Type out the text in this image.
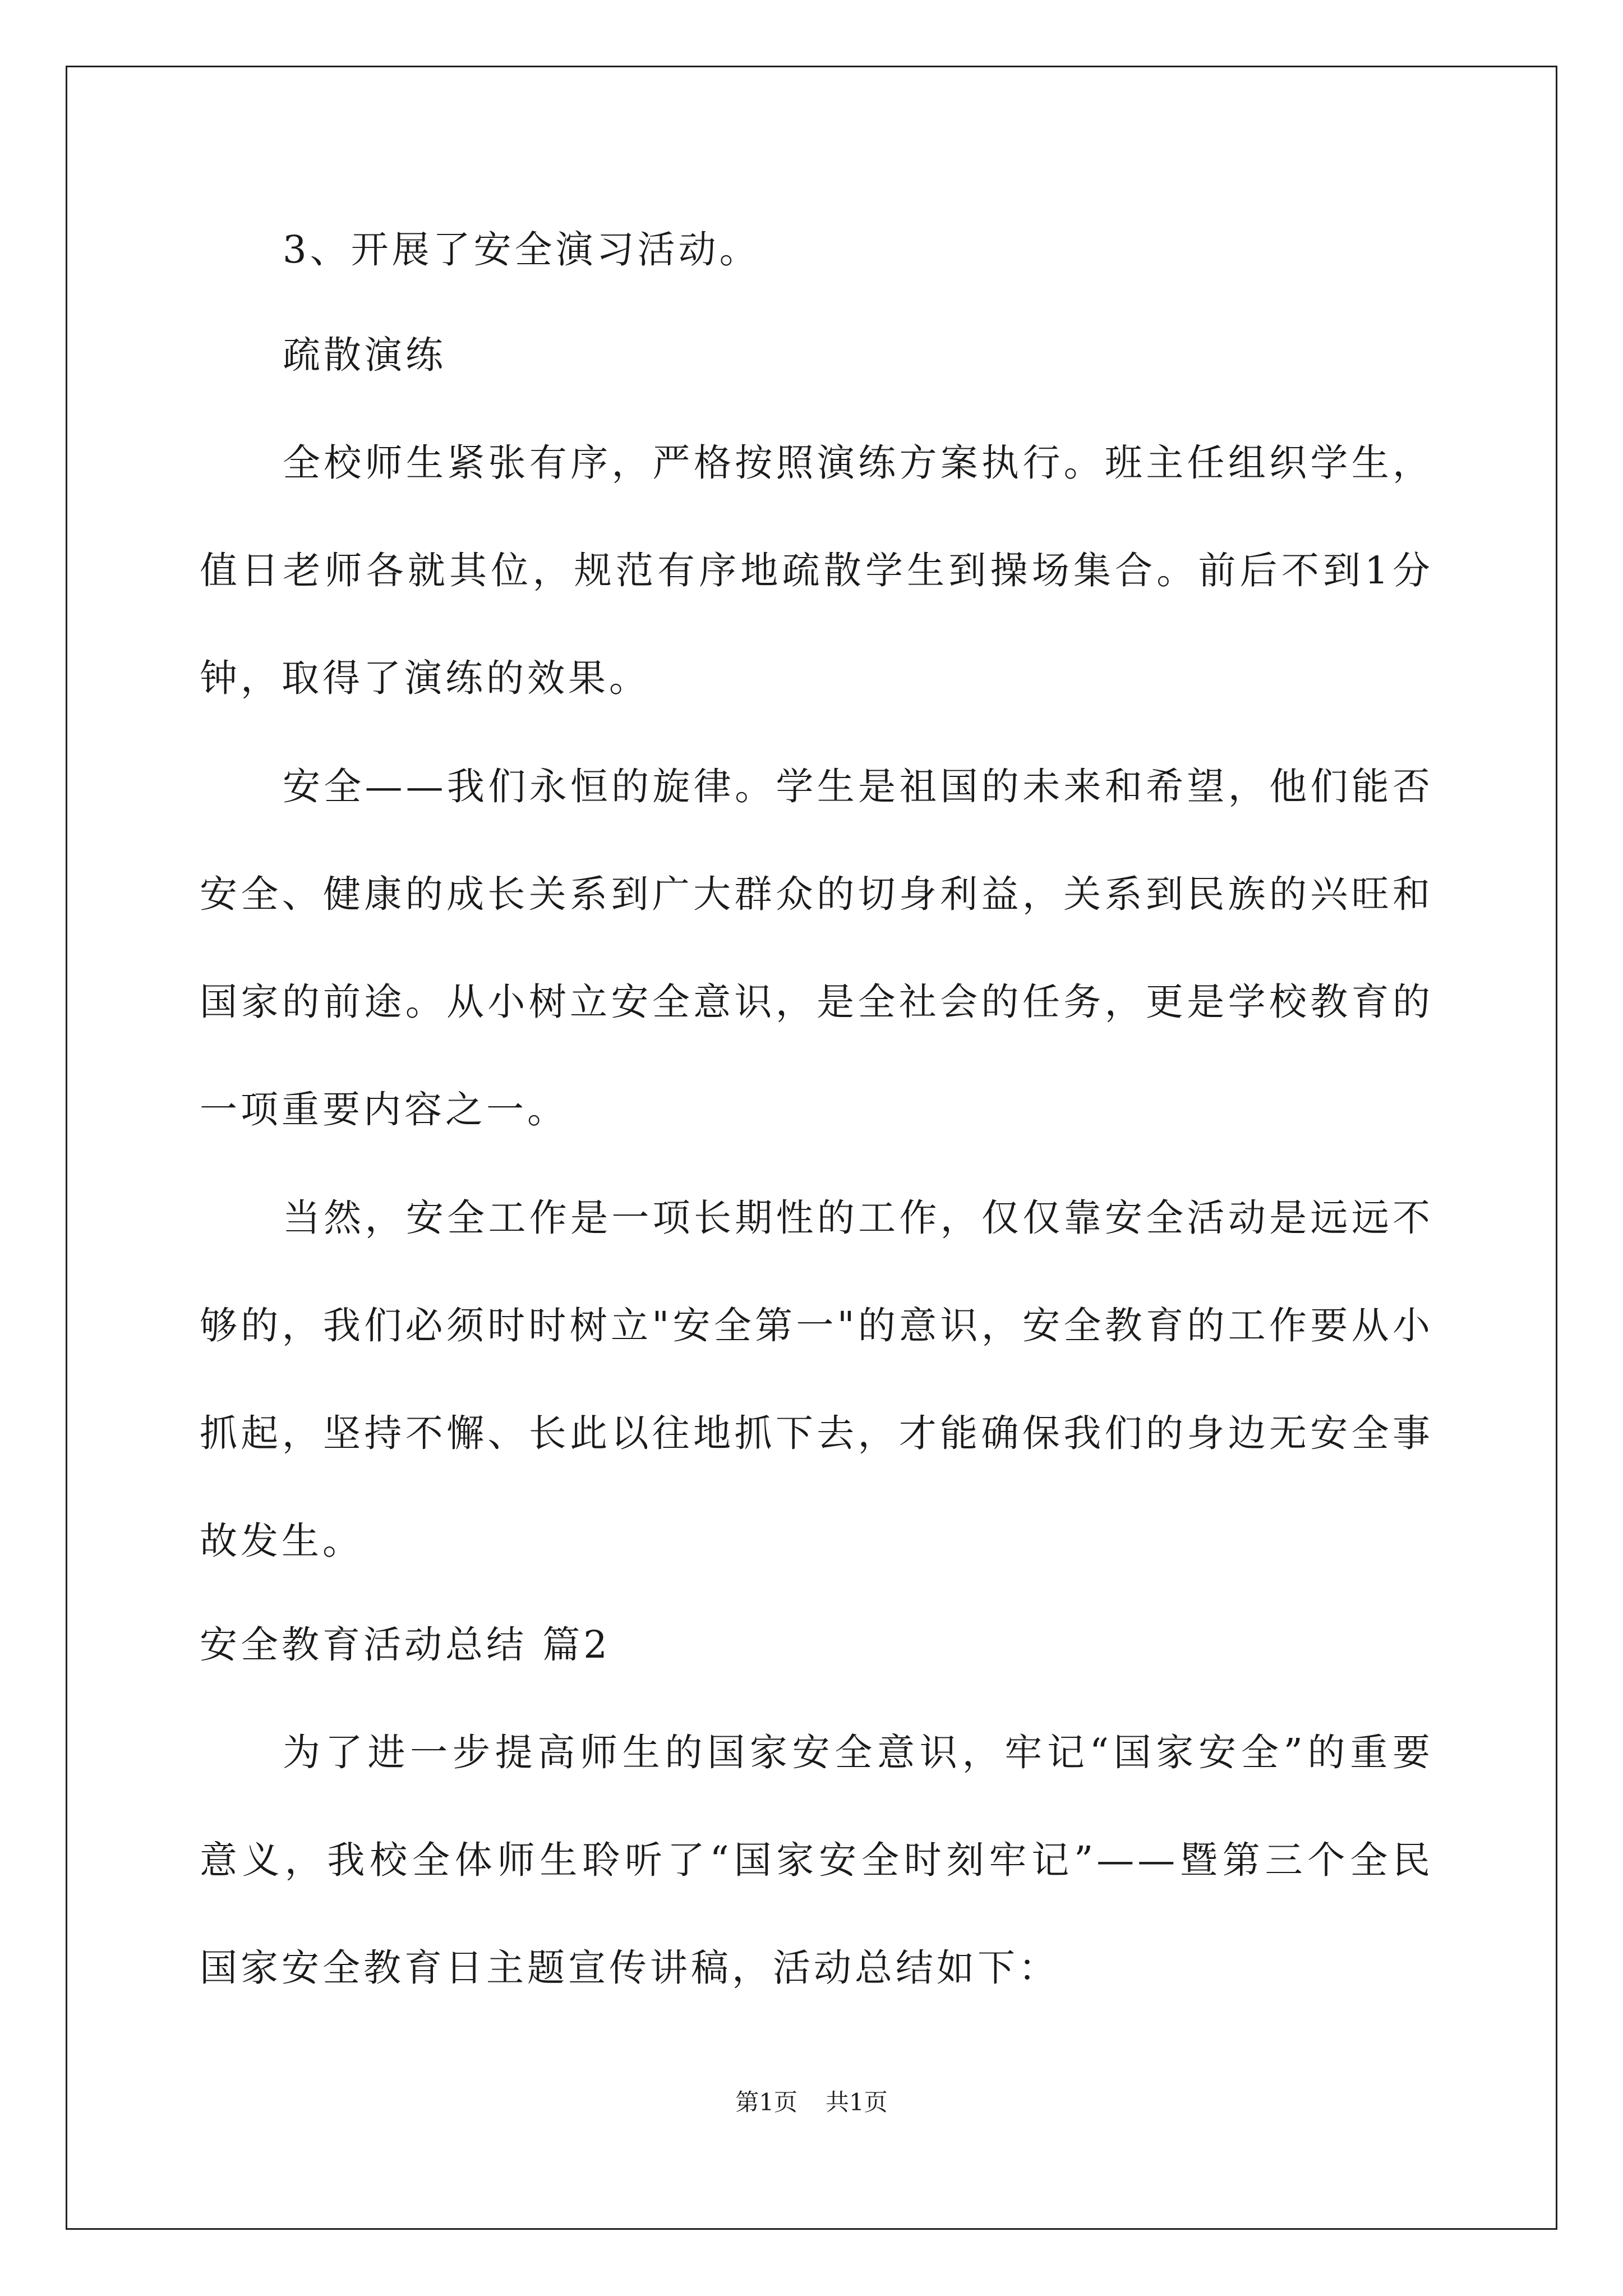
3、开展了安全演习活动。
疏散演练
全校师生紧张有序，严格按照演练方案执行。班主任组织学生，
值日老师各就其位，规范有序地疏散学生到操场集合。前后不到1分
钟，取得了演练的效果。
安全——我们永恒的旋律。学生是祖国的未来和希望，他们能否
安全、健康的成长关系到广大群众的切身利益，关系到民族的兴旺和
国家的前途。从小树立安全意识，是全社会的任务，更是学校教育的
一项重要内容之一。
当然，安全工作是一项长期性的工作，仅仅靠安全活动是远远不
够的，我们必须时时树立"安全第一"的意识，安全教育的工作要从小
抓起，坚持不懈、长此以往地抓下去，才能确保我们的身边无安全事
故发生。
安全教育活动总结 篇2
为了进一步提高师生的国家安全意识，牢记“国家安全”的重要
意义，我校全体师生聆听了“国家安全时刻牢记”——暨第三个全民
国家安全教育日主题宣传讲稿，活动总结如下：
第1页 共1页
